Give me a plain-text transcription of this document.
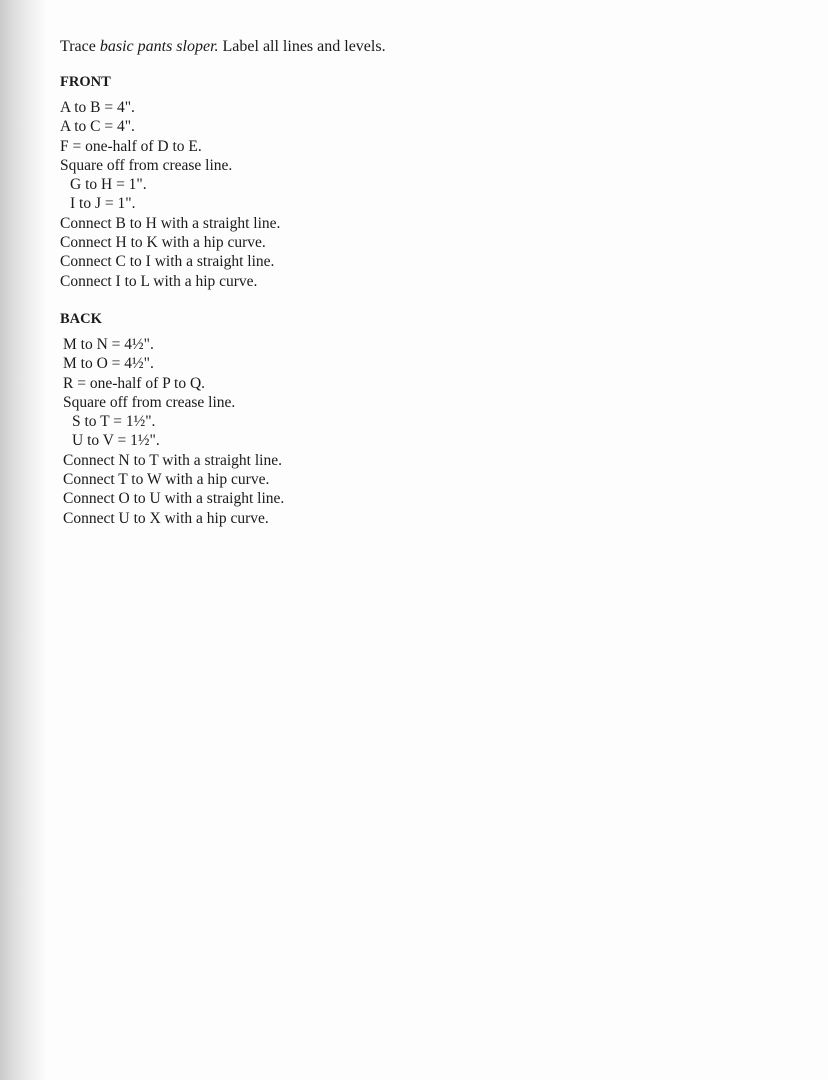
Trace basic pants sloper. Label all lines and levels.

FRONT
A to B = 4".
A to C = 4".
F = one-half of D to E.
Square off from crease line.
G to H = 1".
I to J = 1".
Connect B to H with a straight line.
Connect H to K with a hip curve.
Connect C to I with a straight line.
Connect I to L with a hip curve.
BACK
M to N = 4½".
M to O = 4½".
R = one-half of P to Q.
Square off from crease line.
S to T = 1½".
U to V = 1½".
Connect N to T with a straight line.
Connect T to W with a hip curve.
Connect O to U with a straight line.
Connect U to X with a hip curve.
